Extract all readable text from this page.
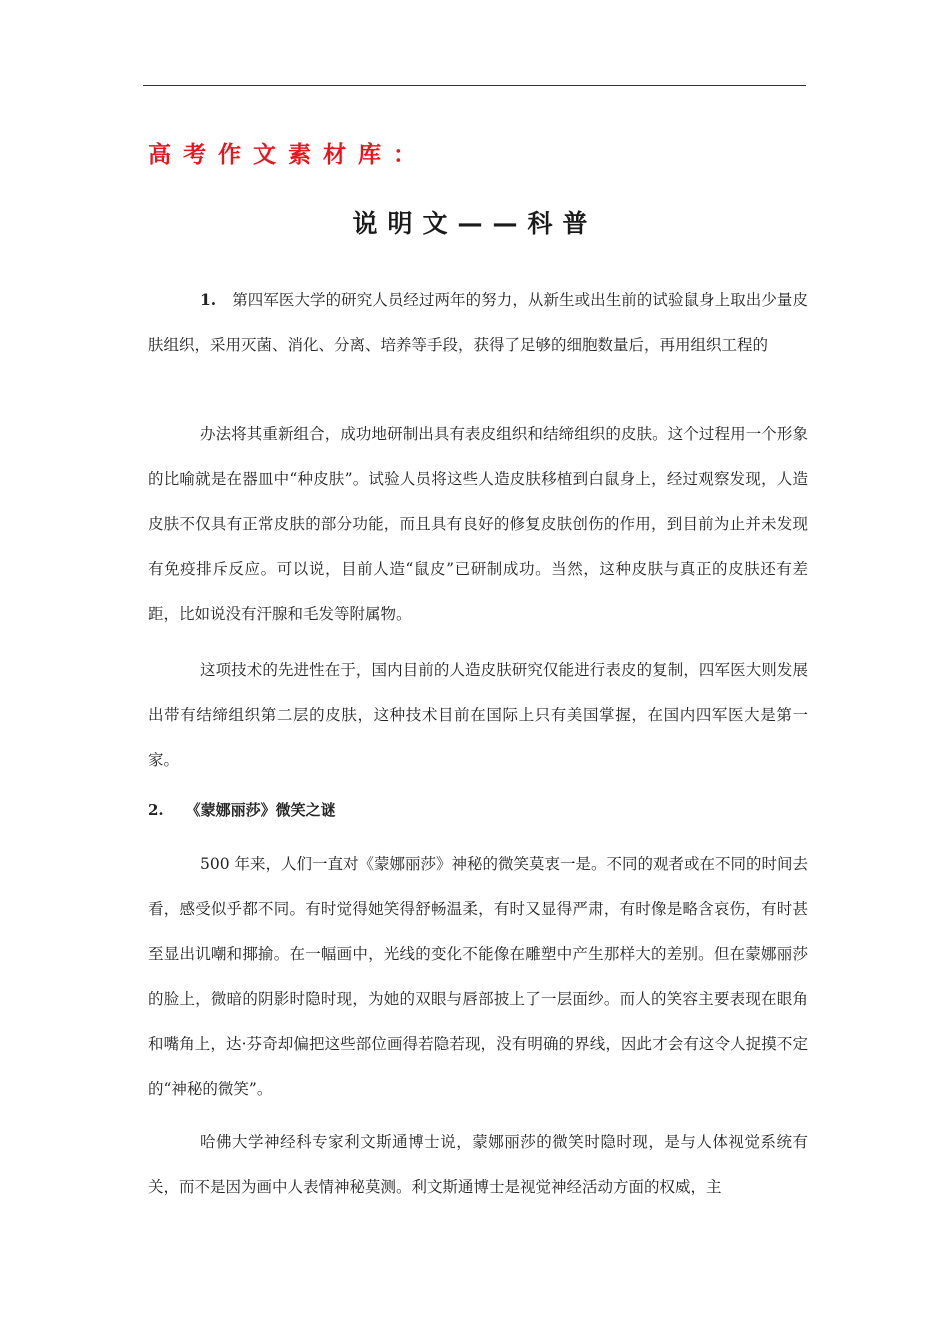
高考作文素材库：
说明文——科普

1. 第四军医大学的研究人员经过两年的努力，从新生或出生前的试验鼠身上取出少量皮肤组织，采用灭菌、消化、分离、培养等手段，获得了足够的细胞数量后，再用组织工程的

办法将其重新组合，成功地研制出具有表皮组织和结缔组织的皮肤。这个过程用一个形象的比喻就是在器皿中“种皮肤”。试验人员将这些人造皮肤移植到白鼠身上，经过观察发现，人造皮肤不仅具有正常皮肤的部分功能，而且具有良好的修复皮肤创伤的作用，到目前为止并未发现有免疫排斥反应。可以说，目前人造“鼠皮”已研制成功。当然，这种皮肤与真正的皮肤还有差距，比如说没有汗腺和毛发等附属物。

这项技术的先进性在于，国内目前的人造皮肤研究仅能进行表皮的复制，四军医大则发展出带有结缔组织第二层的皮肤，这种技术目前在国际上只有美国掌握，在国内四军医大是第一家。

2. 《蒙娜丽莎》微笑之谜

500 年来，人们一直对《蒙娜丽莎》神秘的微笑莫衷一是。不同的观者或在不同的时间去看，感受似乎都不同。有时觉得她笑得舒畅温柔，有时又显得严肃，有时像是略含哀伤，有时甚至显出讥嘲和揶揄。在一幅画中，光线的变化不能像在雕塑中产生那样大的差别。但在蒙娜丽莎的脸上，微暗的阴影时隐时现，为她的双眼与唇部披上了一层面纱。而人的笑容主要表现在眼角和嘴角上，达·芬奇却偏把这些部位画得若隐若现，没有明确的界线，因此才会有这令人捉摸不定的“神秘的微笑”。

哈佛大学神经科专家利文斯通博士说，蒙娜丽莎的微笑时隐时现，是与人体视觉系统有关，而不是因为画中人表情神秘莫测。利文斯通博士是视觉神经活动方面的权威，主
